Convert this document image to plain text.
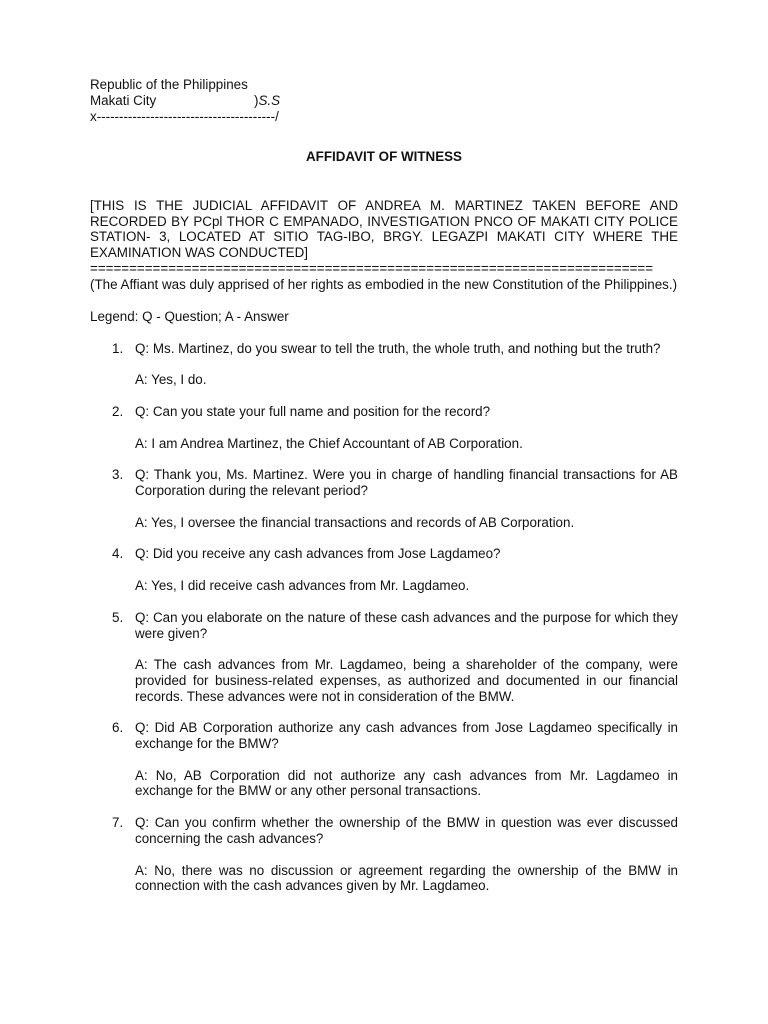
Republic of the Philippines
Makati City	)S.S
x----------------------------------------/
AFFIDAVIT OF WITNESS
[THIS IS THE JUDICIAL AFFIDAVIT OF ANDREA M. MARTINEZ TAKEN BEFORE AND RECORDED BY PCpl THOR C EMPANADO, INVESTIGATION PNCO OF MAKATI CITY POLICE STATION- 3, LOCATED AT SITIO TAG-IBO, BRGY. LEGAZPI MAKATI CITY WHERE THE EXAMINATION WAS CONDUCTED]
========================================================================
(The Affiant was duly apprised of her rights as embodied in the new Constitution of the Philippines.)
Legend: Q - Question; A - Answer
1. Q: Ms. Martinez, do you swear to tell the truth, the whole truth, and nothing but the truth?
A: Yes, I do.
2. Q: Can you state your full name and position for the record?
A: I am Andrea Martinez, the Chief Accountant of AB Corporation.
3. Q: Thank you, Ms. Martinez. Were you in charge of handling financial transactions for AB Corporation during the relevant period?
A: Yes, I oversee the financial transactions and records of AB Corporation.
4. Q: Did you receive any cash advances from Jose Lagdameo?
A: Yes, I did receive cash advances from Mr. Lagdameo.
5. Q: Can you elaborate on the nature of these cash advances and the purpose for which they were given?
A: The cash advances from Mr. Lagdameo, being a shareholder of the company, were provided for business-related expenses, as authorized and documented in our financial records. These advances were not in consideration of the BMW.
6. Q: Did AB Corporation authorize any cash advances from Jose Lagdameo specifically in exchange for the BMW?
A: No, AB Corporation did not authorize any cash advances from Mr. Lagdameo in exchange for the BMW or any other personal transactions.
7. Q: Can you confirm whether the ownership of the BMW in question was ever discussed concerning the cash advances?
A: No, there was no discussion or agreement regarding the ownership of the BMW in connection with the cash advances given by Mr. Lagdameo.
